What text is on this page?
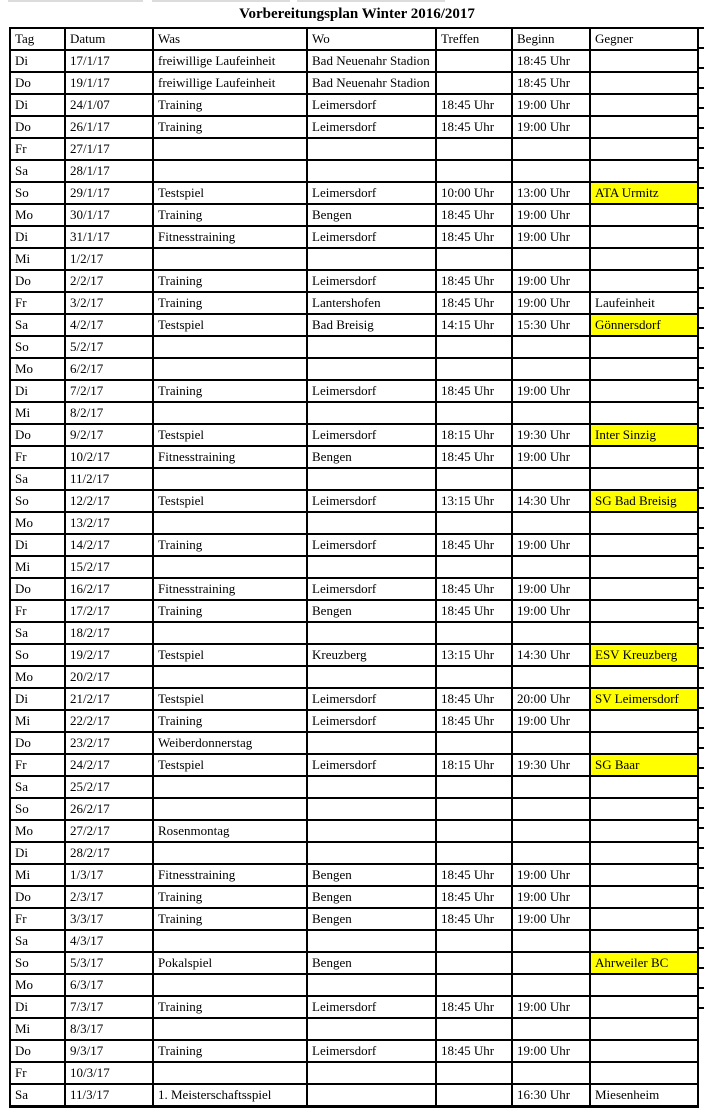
Vorbereitungsplan Winter 2016/2017
Tag	Datum	Was	Wo	Treffen	Beginn	Gegner
Di	17/1/17	freiwillige Laufeinheit	Bad Neuenahr Stadion		18:45 Uhr	
Do	19/1/17	freiwillige Laufeinheit	Bad Neuenahr Stadion		18:45 Uhr	
Di	24/1/07	Training	Leimersdorf	18:45 Uhr	19:00 Uhr	
Do	26/1/17	Training	Leimersdorf	18:45 Uhr	19:00 Uhr	
Fr	27/1/17					
Sa	28/1/17					
So	29/1/17	Testspiel	Leimersdorf	10:00 Uhr	13:00 Uhr	ATA Urmitz
Mo	30/1/17	Training	Bengen	18:45 Uhr	19:00 Uhr	
Di	31/1/17	Fitnesstraining	Leimersdorf	18:45 Uhr	19:00 Uhr	
Mi	1/2/17					
Do	2/2/17	Training	Leimersdorf	18:45 Uhr	19:00 Uhr	
Fr	3/2/17	Training	Lantershofen	18:45 Uhr	19:00 Uhr	Laufeinheit
Sa	4/2/17	Testspiel	Bad Breisig	14:15 Uhr	15:30 Uhr	Gönnersdorf
So	5/2/17					
Mo	6/2/17					
Di	7/2/17	Training	Leimersdorf	18:45 Uhr	19:00 Uhr	
Mi	8/2/17					
Do	9/2/17	Testspiel	Leimersdorf	18:15 Uhr	19:30 Uhr	Inter Sinzig
Fr	10/2/17	Fitnesstraining	Bengen	18:45 Uhr	19:00 Uhr	
Sa	11/2/17					
So	12/2/17	Testspiel	Leimersdorf	13:15 Uhr	14:30 Uhr	SG Bad Breisig
Mo	13/2/17					
Di	14/2/17	Training	Leimersdorf	18:45 Uhr	19:00 Uhr	
Mi	15/2/17					
Do	16/2/17	Fitnesstraining	Leimersdorf	18:45 Uhr	19:00 Uhr	
Fr	17/2/17	Training	Bengen	18:45 Uhr	19:00 Uhr	
Sa	18/2/17					
So	19/2/17	Testspiel	Kreuzberg	13:15 Uhr	14:30 Uhr	ESV Kreuzberg
Mo	20/2/17					
Di	21/2/17	Testspiel	Leimersdorf	18:45 Uhr	20:00 Uhr	SV Leimersdorf
Mi	22/2/17	Training	Leimersdorf	18:45 Uhr	19:00 Uhr	
Do	23/2/17	Weiberdonnerstag				
Fr	24/2/17	Testspiel	Leimersdorf	18:15 Uhr	19:30 Uhr	SG Baar
Sa	25/2/17					
So	26/2/17					
Mo	27/2/17	Rosenmontag				
Di	28/2/17					
Mi	1/3/17	Fitnesstraining	Bengen	18:45 Uhr	19:00 Uhr	
Do	2/3/17	Training	Bengen	18:45 Uhr	19:00 Uhr	
Fr	3/3/17	Training	Bengen	18:45 Uhr	19:00 Uhr	
Sa	4/3/17					
So	5/3/17	Pokalspiel	Bengen			Ahrweiler BC
Mo	6/3/17					
Di	7/3/17	Training	Leimersdorf	18:45 Uhr	19:00 Uhr	
Mi	8/3/17					
Do	9/3/17	Training	Leimersdorf	18:45 Uhr	19:00 Uhr	
Fr	10/3/17					
Sa	11/3/17	1. Meisterschaftsspiel			16:30 Uhr	Miesenheim
